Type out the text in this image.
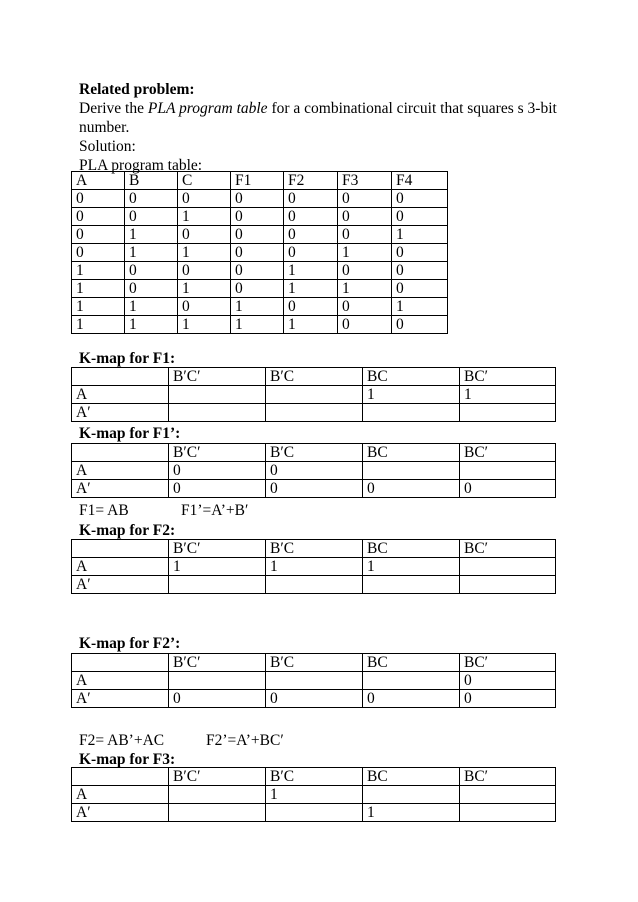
Related problem:
Derive the PLA program table for a combinational circuit that squares s 3-bit
number.
Solution:
PLA program table:
A	B	C	F1	F2	F3	F4
0	0	0	0	0	0	0
0	0	1	0	0	0	0
0	1	0	0	0	0	1
0	1	1	0	0	1	0
1	0	0	0	1	0	0
1	0	1	0	1	1	0
1	1	0	1	0	0	1
1	1	1	1	1	0	0
K-map for F1:
	B′C′	B′C	BC	BC′
A			1	1
A′				
K-map for F1’:
	B′C′	B′C	BC	BC′
A	0	0		
A′	0	0	0	0
F1= AB	F1’=A’+B′
K-map for F2:
	B′C′	B′C	BC	BC′
A	1	1	1	
A′				
K-map for F2’:
	B′C′	B′C	BC	BC′
A				0
A′	0	0	0	0
F2= AB’+AC	F2’=A’+BC′
K-map for F3:
	B′C′	B′C	BC	BC′
A		1		
A′			1	
